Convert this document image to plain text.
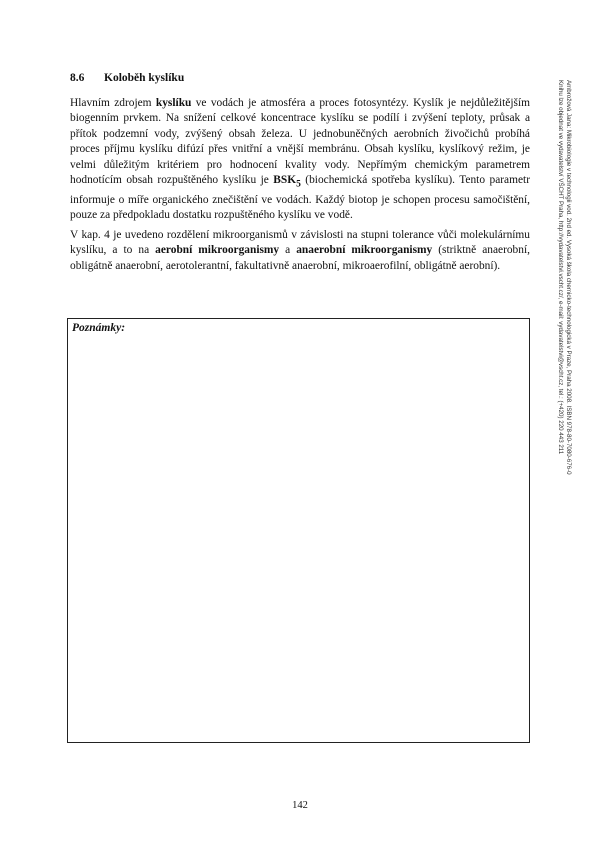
8.6 Koloběh kyslíku

Hlavním zdrojem kyslíku ve vodách je atmosféra a proces fotosyntézy. Kyslík je nejdůležitějším biogenním prvkem. Na snížení celkové koncentrace kyslíku se podílí i zvýšení teploty, průsak a přítok podzemní vody, zvýšený obsah železa. U jednobuněčných aerobních živočichů probíhá proces příjmu kyslíku difúzí přes vnitřní a vnější membránu. Obsah kyslíku, kyslíkový režim, je velmi důležitým kritériem pro hodnocení kvality vody. Nepřímým chemickým parametrem hodnotícím obsah rozpuštěného kyslíku je $BSK_5$ (biochemická spotřeba kyslíku). Tento parametr informuje o míře organického znečištění ve vodách. Každý biotop je schopen procesu samočištění, pouze za předpokladu dostatku rozpuštěného kyslíku ve vodě.

V kap. 4 je uvedeno rozdělení mikroorganismů v závislosti na stupni tolerance vůči molekulárnímu kyslíku, a to na aerobní mikroorganismy a anaerobní mikroorganismy (striktně anaerobní, obligátně anaerobní, aerotolerantní, fakultativně anaerobní, mikroaerofilní, obligátně aerobní).

Poznámky:
142
Ambrožová Jana: Mikrobiologie v technologii vod. 2nd ed. Vysoká škola chemicko-technologická v Praze, Praha 2008. ISBN 978-80-7080-676-0
Knihu lze objednat ve vydavatelství VŠCHT Praha, http://vydavatelstvi.vscht.cz/, e-mail: vydavatelstvi@vscht.cz, tel.: (+420) 220 443 211
